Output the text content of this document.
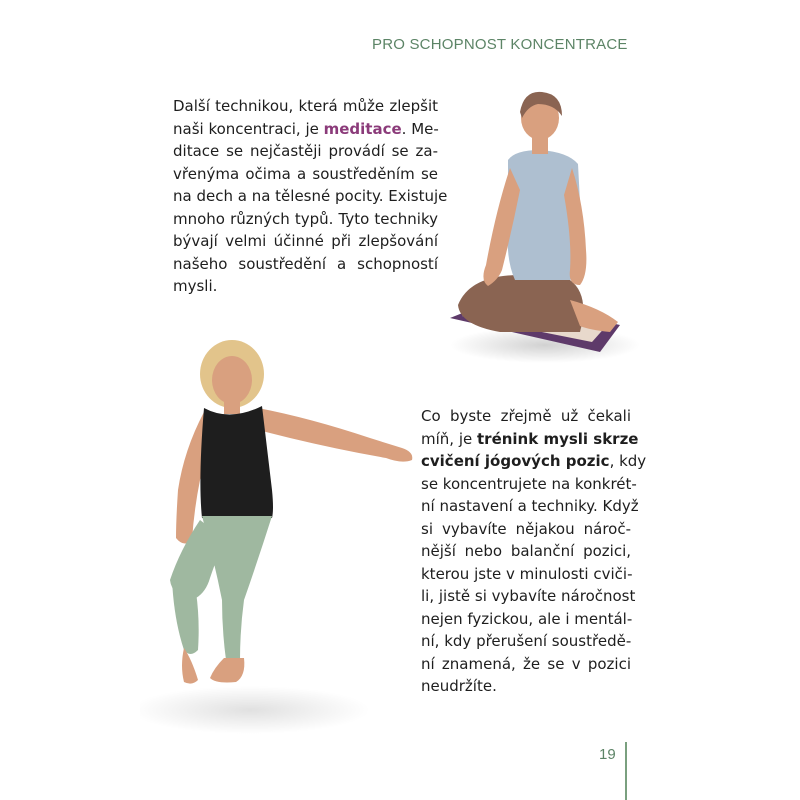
PRO SCHOPNOST KONCENTRACE

Další technikou, která může zlepšit
naši koncentraci, je meditace. Me-
ditace se nejčastěji provádí se za-
vřenýma očima a soustředěním se
na dech a na tělesné pocity. Existuje
mnoho různých typů. Tyto techniky
bývají velmi účinné při zlepšování
našeho soustředění a schopností
mysli.

Co byste zřejmě už čekali
míň, je trénink mysli skrze
cvičení jógových pozic, kdy
se koncentrujete na konkrét-
ní nastavení a techniky. Když
si vybavíte nějakou nároč-
nější nebo balanční pozici,
kterou jste v minulosti cviči-
li, jistě si vybavíte náročnost
nejen fyzickou, ale i mentál-
ní, kdy přerušení soustředě-
ní znamená, že se v pozici
neudržíte.

19
